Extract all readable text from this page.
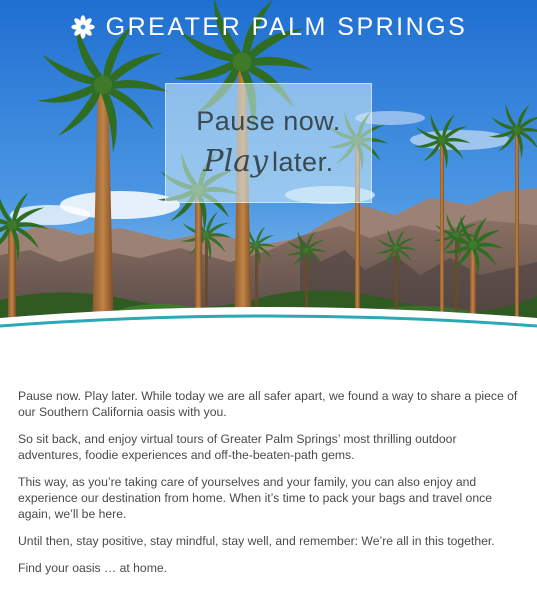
GREATER PALM SPRINGS
Pause now.
Play later.

Pause now. Play later. While today we are all safer apart, we found a way to share a piece of our Southern California oasis with you.

So sit back, and enjoy virtual tours of Greater Palm Springs’ most thrilling outdoor adventures, foodie experiences and off-the-beaten-path gems.

This way, as you’re taking care of yourselves and your family, you can also enjoy and experience our destination from home. When it’s time to pack your bags and travel once again, we’ll be here.

Until then, stay positive, stay mindful, stay well, and remember: We’re all in this together.

Find your oasis … at home.
